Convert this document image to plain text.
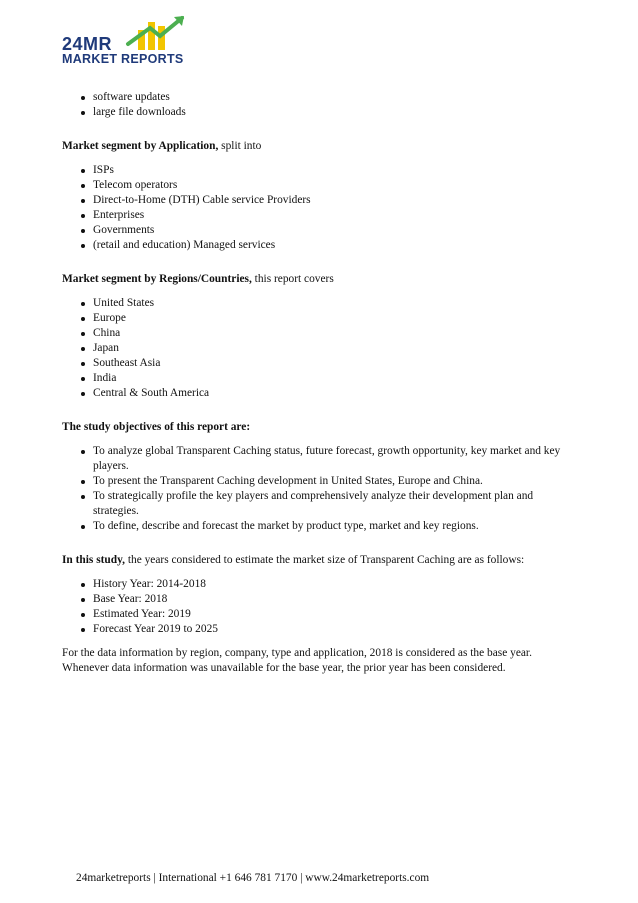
24MR
MARKET REPORTS
software updates
large file downloads

Market segment by Application, split into

ISPs
Telecom operators
Direct-to-Home (DTH) Cable service Providers
Enterprises
Governments
(retail and education) Managed services

Market segment by Regions/Countries, this report covers

United States
Europe
China
Japan
Southeast Asia
India
Central & South America

The study objectives of this report are:

To analyze global Transparent Caching status, future forecast, growth opportunity, key market and key players.
To present the Transparent Caching development in United States, Europe and China.
To strategically profile the key players and comprehensively analyze their development plan and strategies.
To define, describe and forecast the market by product type, market and key regions.

In this study, the years considered to estimate the market size of Transparent Caching are as follows:

History Year: 2014-2018
Base Year: 2018
Estimated Year: 2019
Forecast Year 2019 to 2025

For the data information by region, company, type and application, 2018 is considered as the base year. Whenever data information was unavailable for the base year, the prior year has been considered.

24marketreports | International +1 646 781 7170 | www.24marketreports.com
